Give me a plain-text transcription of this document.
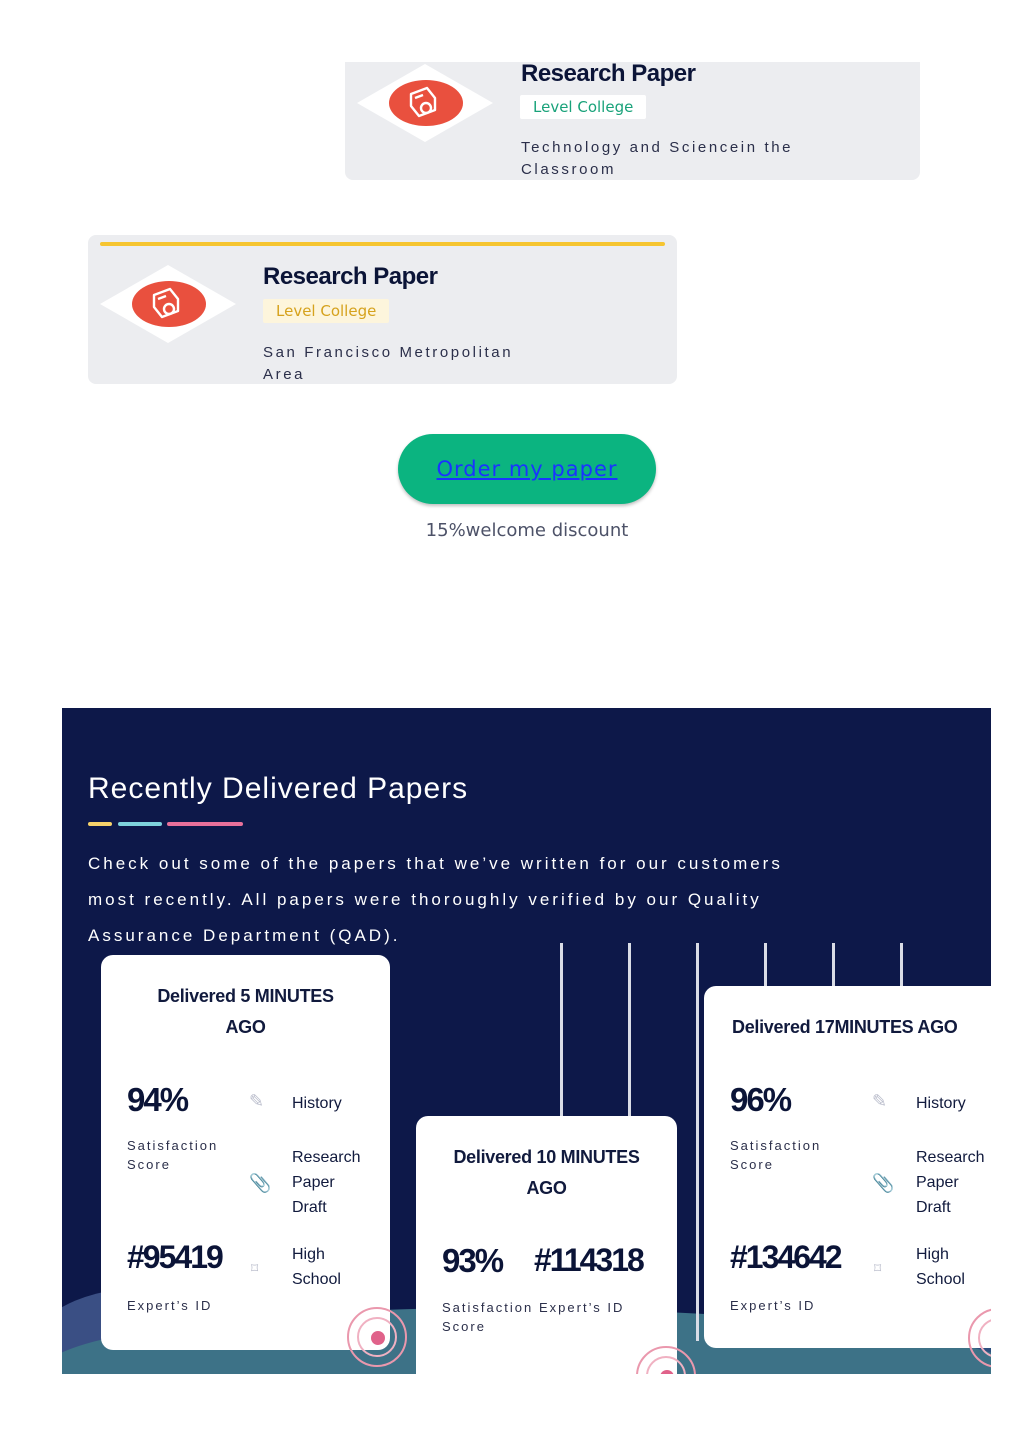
Research Paper
Level College
Technology and Sciencein the Classroom
Research Paper
Level College
San Francisco Metropolitan Area
Order my paper
15%welcome discount
Recently Delivered Papers
Check out some of the papers that we’ve written for our customers most recently. All papers were thoroughly verified by our Quality Assurance Department (QAD).
Delivered 5 MINUTES AGO
94%
Satisfaction Score
#95419
Expert’s ID
✎
📎
⌑
History
Research Paper Draft
High School
Delivered 10 MINUTES AGO
93% #114318
Satisfaction Score
Expert’s ID
Delivered 17MINUTES AGO
96%
Satisfaction Score
#134642
Expert’s ID
✎
📎
⌑
History
Research Paper Draft
High School
